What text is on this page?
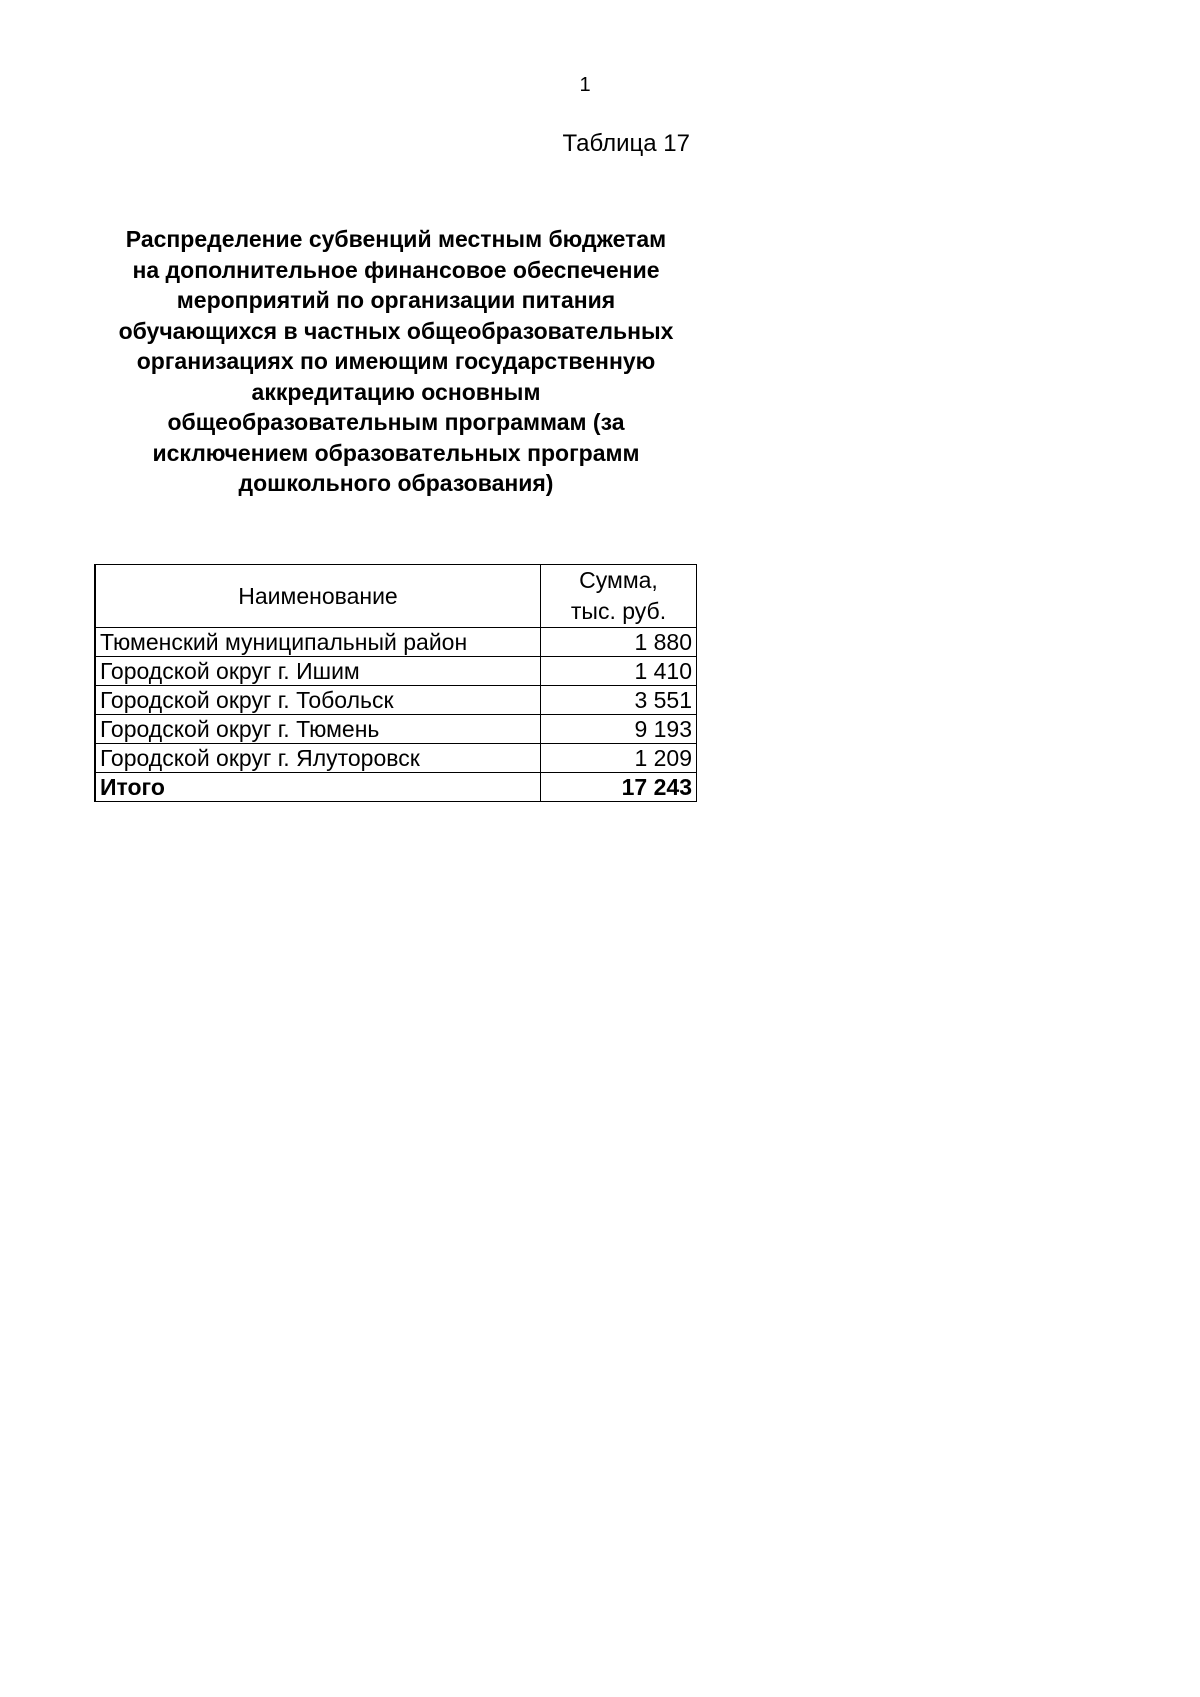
1
Таблица 17
Распределение субвенций местным бюджетам
на дополнительное финансовое обеспечение
мероприятий по организации питания
обучающихся в частных общеобразовательных
организациях по имеющим государственную
аккредитацию основным
общеобразовательным программам (за
исключением образовательных программ
дошкольного образования)
Наименование	Сумма,
тыс. руб.
Тюменский муниципальный район	1 880
Городской округ г. Ишим	1 410
Городской округ г. Тобольск	3 551
Городской округ г. Тюмень	9 193
Городской округ г. Ялуторовск	1 209
Итого	17 243
